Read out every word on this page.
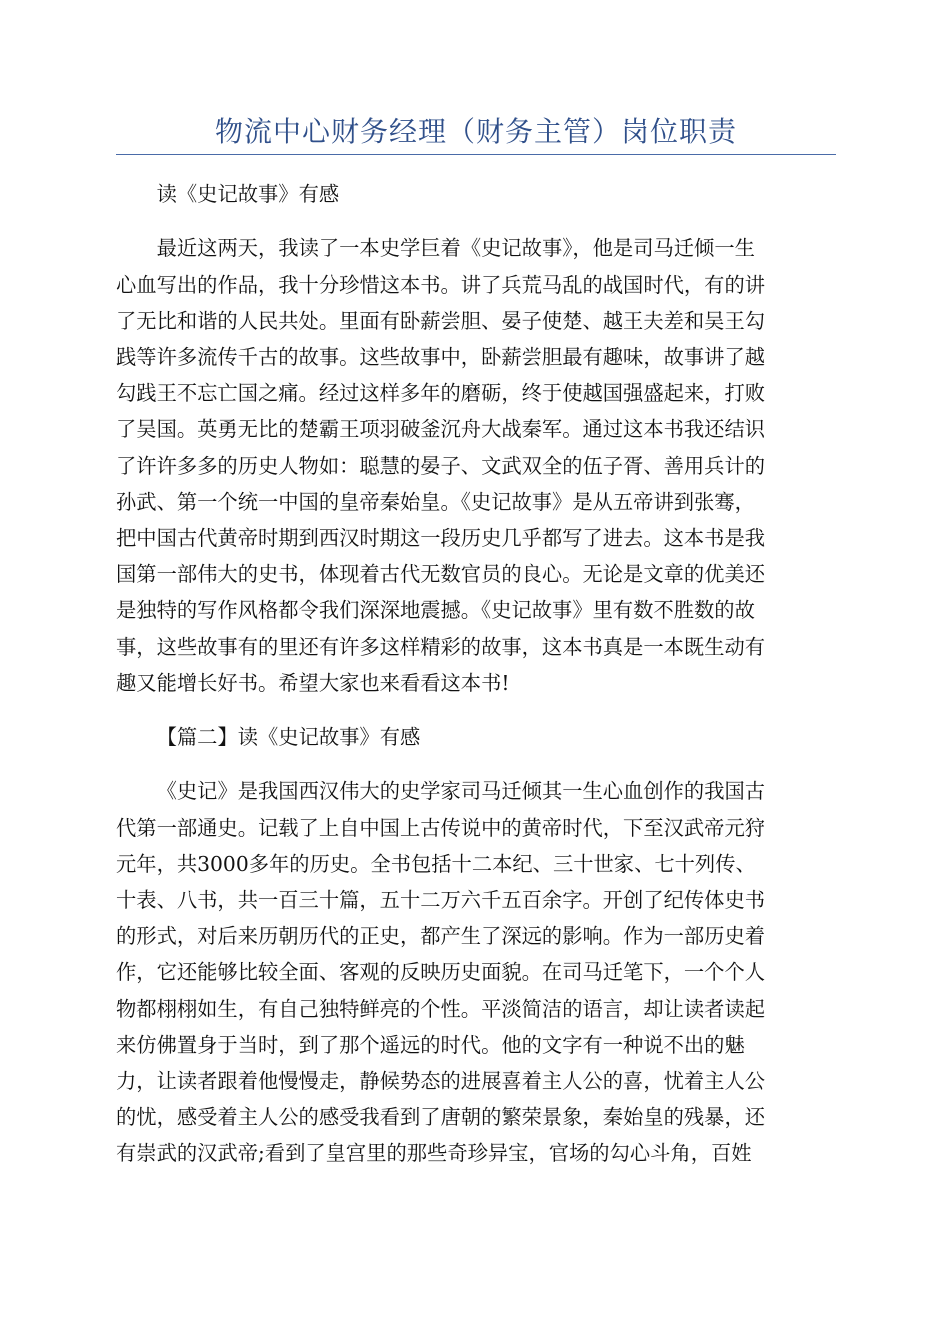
物流中心财务经理（财务主管）岗位职责
读《史记故事》有感
最近这两天，我读了一本史学巨着《史记故事》，他是司马迁倾一生
心血写出的作品，我十分珍惜这本书。讲了兵荒马乱的战国时代，有的讲
了无比和谐的人民共处。里面有卧薪尝胆、晏子使楚、越王夫差和吴王勾
践等许多流传千古的故事。这些故事中，卧薪尝胆最有趣味，故事讲了越
勾践王不忘亡国之痛。经过这样多年的磨砺，终于使越国强盛起来，打败
了吴国。英勇无比的楚霸王项羽破釜沉舟大战秦军。通过这本书我还结识
了许许多多的历史人物如：聪慧的晏子、文武双全的伍子胥、善用兵计的
孙武、第一个统一中国的皇帝秦始皇。《史记故事》是从五帝讲到张骞，
把中国古代黄帝时期到西汉时期这一段历史几乎都写了进去。这本书是我
国第一部伟大的史书，体现着古代无数官员的良心。无论是文章的优美还
是独特的写作风格都令我们深深地震撼。《史记故事》里有数不胜数的故
事，这些故事有的里还有许多这样精彩的故事，这本书真是一本既生动有
趣又能增长好书。希望大家也来看看这本书!
【篇二】读《史记故事》有感
《史记》是我国西汉伟大的史学家司马迁倾其一生心血创作的我国古
代第一部通史。记载了上自中国上古传说中的黄帝时代，下至汉武帝元狩
元年，共3000多年的历史。全书包括十二本纪、三十世家、七十列传、
十表、八书，共一百三十篇，五十二万六千五百余字。开创了纪传体史书
的形式，对后来历朝历代的正史，都产生了深远的影响。作为一部历史着
作，它还能够比较全面、客观的反映历史面貌。在司马迁笔下，一个个人
物都栩栩如生，有自己独特鲜亮的个性。平淡简洁的语言，却让读者读起
来仿佛置身于当时，到了那个遥远的时代。他的文字有一种说不出的魅
力，让读者跟着他慢慢走，静候势态的进展喜着主人公的喜，忧着主人公
的忧，感受着主人公的感受我看到了唐朝的繁荣景象，秦始皇的残暴，还
有崇武的汉武帝;看到了皇宫里的那些奇珍异宝，官场的勾心斗角，百姓
